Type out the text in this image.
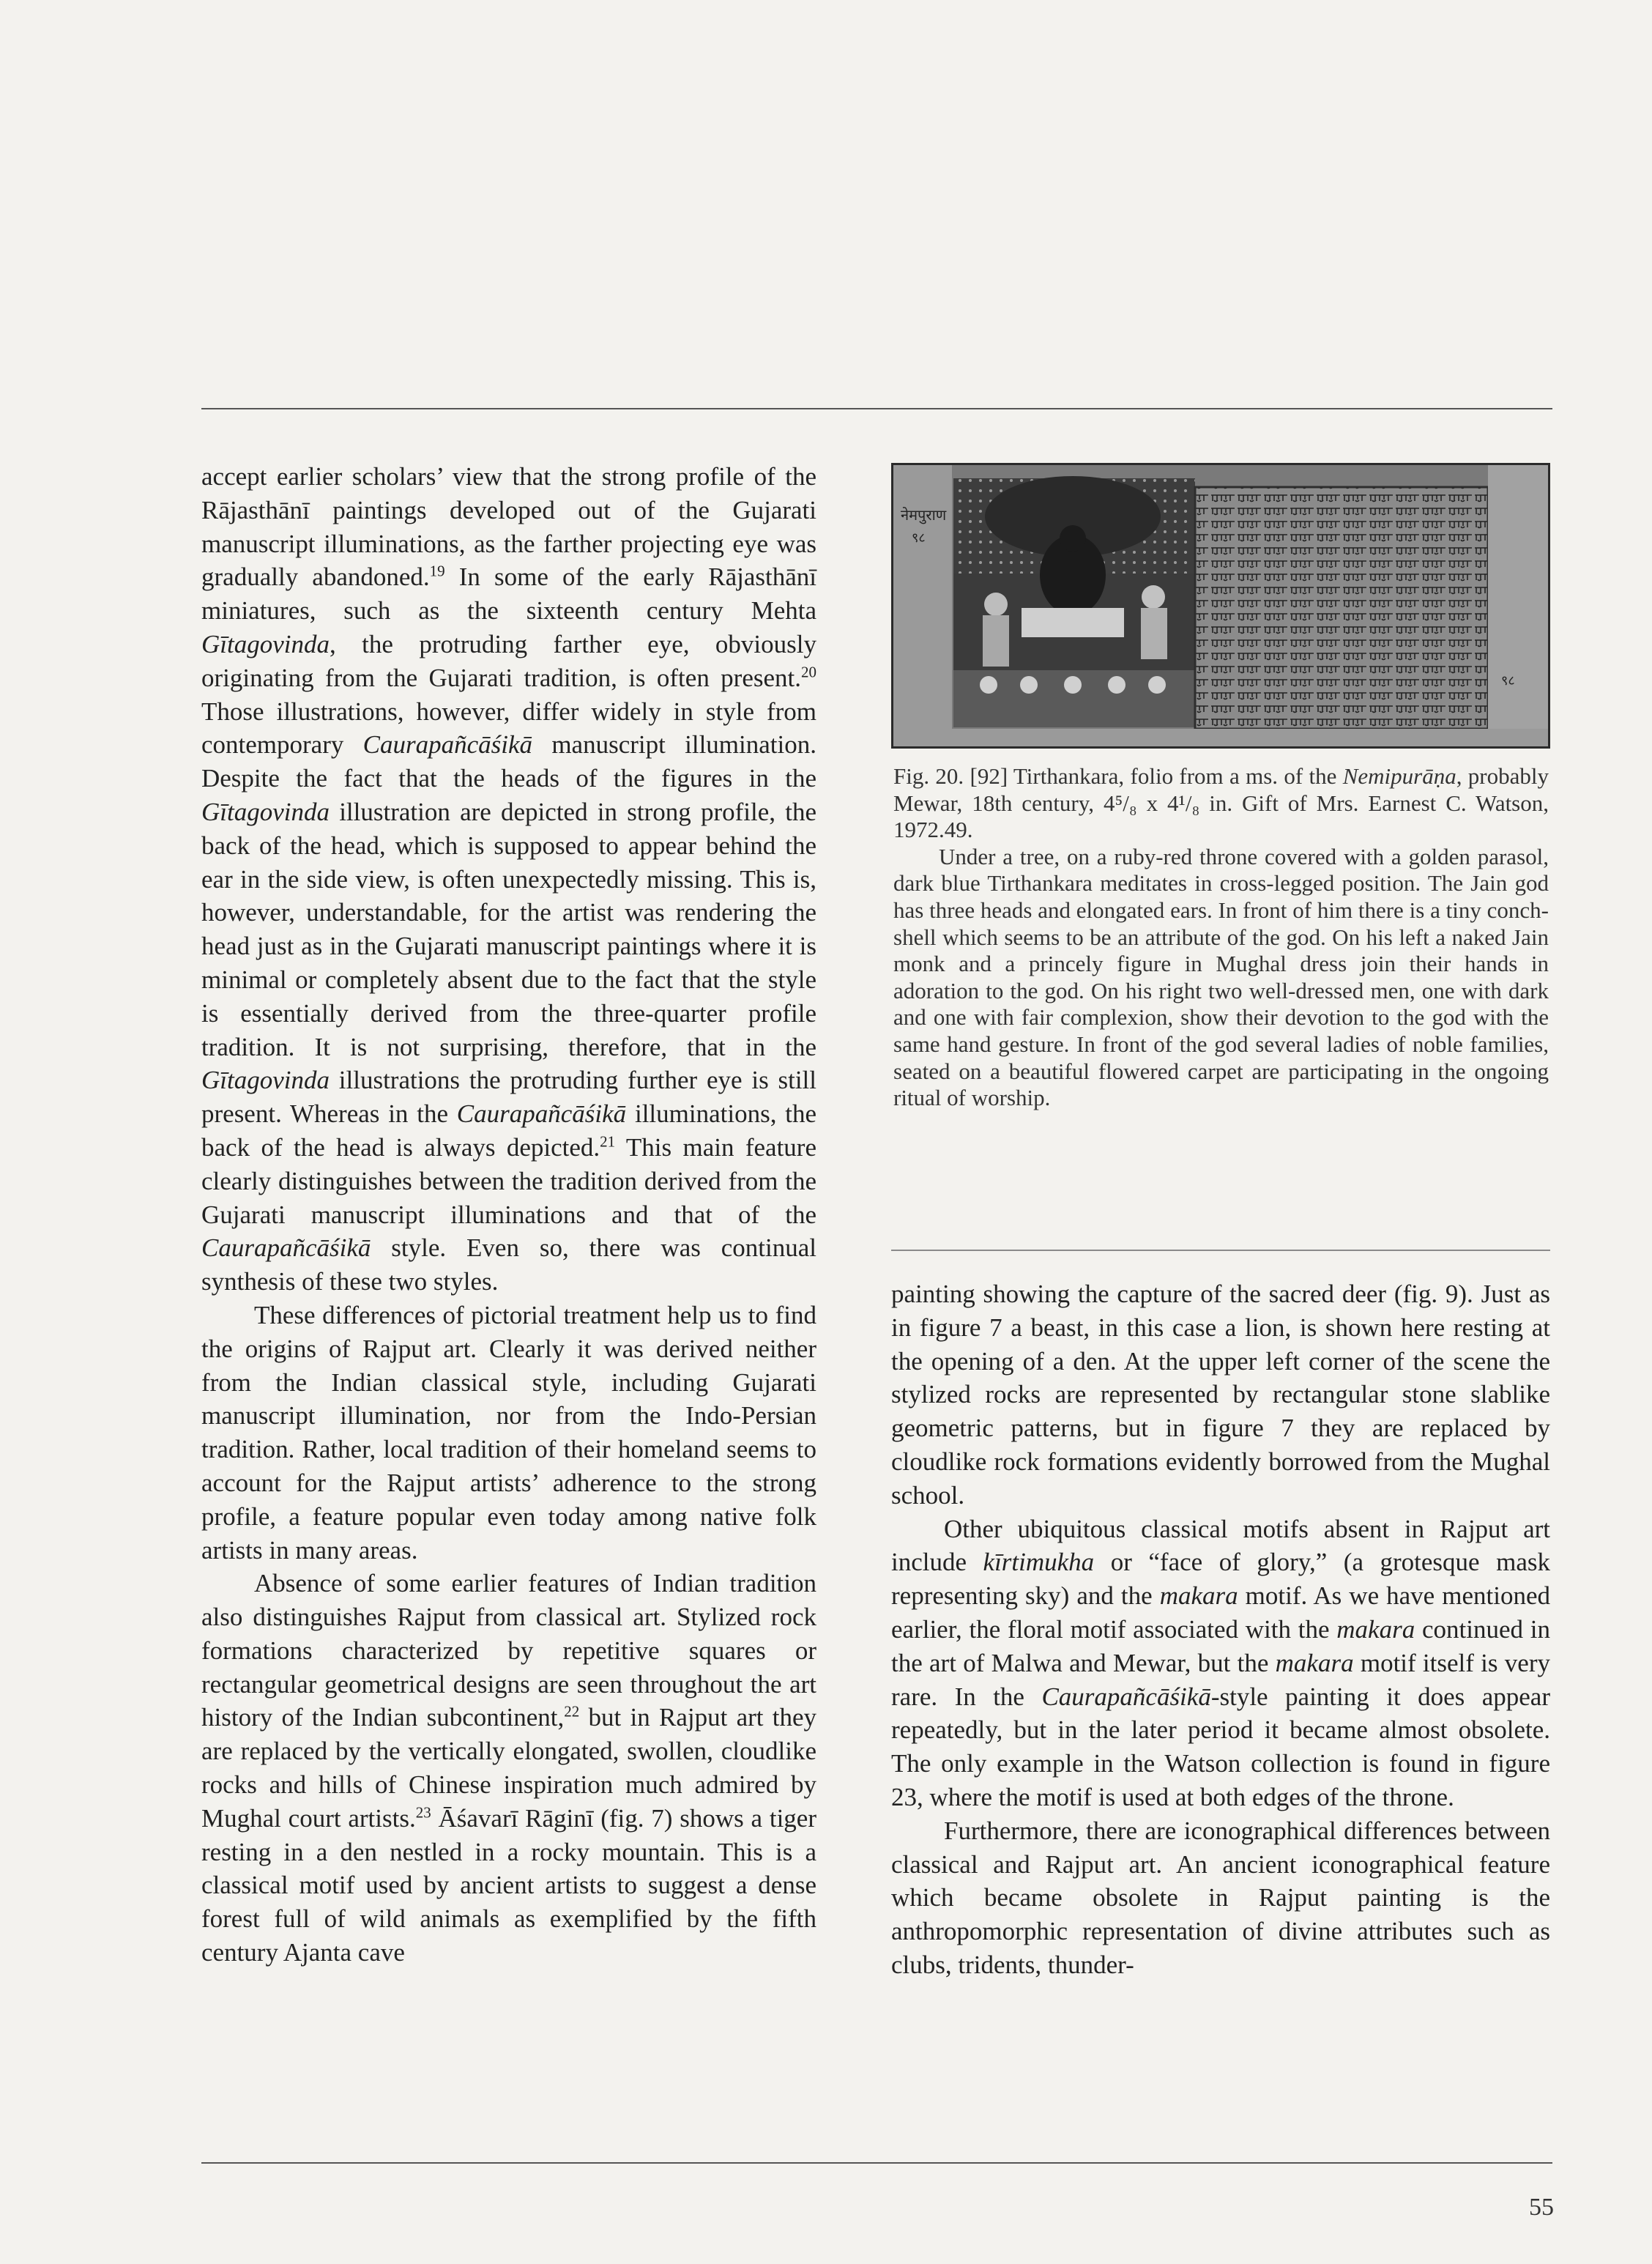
accept earlier scholars’ view that the strong profile of the Rājasthānī paintings developed out of the Gujarati manuscript illuminations, as the farther projecting eye was gradually abandoned.$^{19}$ In some of the early Rājasthānī miniatures, such as the sixteenth century Mehta Gītagovinda, the protruding farther eye, obviously originating from the Gujarati tradition, is often present.$^{20}$ Those illustrations, however, differ widely in style from contemporary Caurapañcāśikā manuscript illumination. Despite the fact that the heads of the figures in the Gītagovinda illustration are depicted in strong profile, the back of the head, which is supposed to appear behind the ear in the side view, is often unexpectedly missing. This is, however, understandable, for the artist was rendering the head just as in the Gujarati manuscript paintings where it is minimal or completely absent due to the fact that the style is essentially derived from the three-quarter profile tradition. It is not surprising, therefore, that in the Gītagovinda illustrations the protruding further eye is still present. Whereas in the Caurapañcāśikā illuminations, the back of the head is always depicted.$^{21}$ This main feature clearly distinguishes between the tradition derived from the Gujarati manuscript illuminations and that of the Caurapañcāśikā style. Even so, there was continual synthesis of these two styles.

These differences of pictorial treatment help us to find the origins of Rajput art. Clearly it was derived neither from the Indian classical style, including Gujarati manuscript illumination, nor from the Indo-Persian tradition. Rather, local tradition of their homeland seems to account for the Rajput artists’ adherence to the strong profile, a feature popular even today among native folk artists in many areas.

Absence of some earlier features of Indian tradition also distinguishes Rajput from classical art. Stylized rock formations characterized by repetitive squares or rectangular geometrical designs are seen throughout the art history of the Indian subcontinent,$^{22}$ but in Rajput art they are replaced by the vertically elongated, swollen, cloudlike rocks and hills of Chinese inspiration much admired by Mughal court artists.$^{23}$ Āśavarī Rāginī (fig. 7) shows a tiger resting in a den nestled in a rocky mountain. This is a classical motif used by ancient artists to suggest a dense forest full of wild animals as exemplified by the fifth century Ajanta cave

नेमपुराण
९८
९८

Fig. 20. [92] Tirthankara, folio from a ms. of the Nemipurāṇa, probably Mewar, 18th century, 4⁵/₈ x 4¹/₈ in. Gift of Mrs. Earnest C. Watson, 1972.49.

Under a tree, on a ruby-red throne covered with a golden parasol, dark blue Tirthankara meditates in cross-legged position. The Jain god has three heads and elongated ears. In front of him there is a tiny conch-shell which seems to be an attribute of the god. On his left a naked Jain monk and a princely figure in Mughal dress join their hands in adoration to the god. On his right two well-dressed men, one with dark and one with fair complexion, show their devotion to the god with the same hand gesture. In front of the god several ladies of noble families, seated on a beautiful flowered carpet are participating in the ongoing ritual of worship.

painting showing the capture of the sacred deer (fig. 9). Just as in figure 7 a beast, in this case a lion, is shown here resting at the opening of a den. At the upper left corner of the scene the stylized rocks are represented by rectangular stone slablike geometric patterns, but in figure 7 they are replaced by cloudlike rock formations evidently borrowed from the Mughal school.

Other ubiquitous classical motifs absent in Rajput art include kīrtimukha or “face of glory,” (a grotesque mask representing sky) and the makara motif. As we have mentioned earlier, the floral motif associated with the makara continued in the art of Malwa and Mewar, but the makara motif itself is very rare. In the Caurapañcāśikā-style painting it does appear repeatedly, but in the later period it became almost obsolete. The only example in the Watson collection is found in figure 23, where the motif is used at both edges of the throne.

Furthermore, there are iconographical differences between classical and Rajput art. An ancient iconographical feature which became obsolete in Rajput painting is the anthropomorphic representation of divine attributes such as clubs, tridents, thunder-

55
